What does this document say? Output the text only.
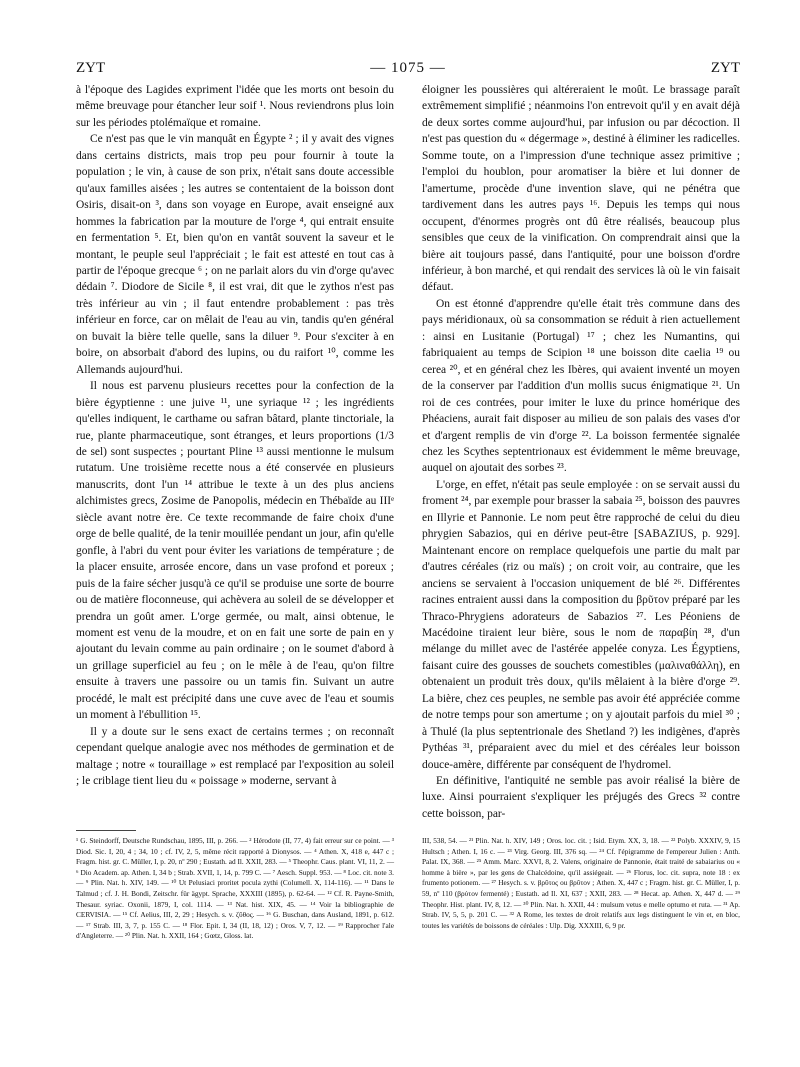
ZYT	— 1075 —	ZYT

à l'époque des Lagides expriment l'idée que les morts ont besoin du même breuvage pour étancher leur soif ¹. Nous reviendrons plus loin sur les périodes ptolémaïque et romaine.

Ce n'est pas que le vin manquât en Égypte ² ; il y avait des vignes dans certains districts, mais trop peu pour fournir à toute la population ; le vin, à cause de son prix, n'était sans doute accessible qu'aux familles aisées ; les autres se contentaient de la boisson dont Osiris, disait-on ³, dans son voyage en Europe, avait enseigné aux hommes la fabrication par la mouture de l'orge ⁴, qui entrait ensuite en fermentation ⁵. Et, bien qu'on en vantât souvent la saveur et le montant, le peuple seul l'appréciait ; le fait est attesté en tout cas à partir de l'époque grecque ⁶ ; on ne parlait alors du vin d'orge qu'avec dédain ⁷. Diodore de Sicile ⁸, il est vrai, dit que le zythos n'est pas très inférieur au vin ; il faut entendre probablement : pas très inférieur en force, car on mêlait de l'eau au vin, tandis qu'en général on buvait la bière telle quelle, sans la diluer ⁹. Pour s'exciter à en boire, on absorbait d'abord des lupins, ou du raifort ¹⁰, comme les Allemands aujourd'hui.

Il nous est parvenu plusieurs recettes pour la confection de la bière égyptienne : une juive ¹¹, une syriaque ¹² ; les ingrédients qu'elles indiquent, le carthame ou safran bâtard, plante tinctoriale, la rue, plante pharmaceutique, sont étranges, et leurs proportions (1/3 de sel) sont suspectes ; pourtant Pline ¹³ aussi mentionne le mulsum rutatum. Une troisième recette nous a été conservée en plusieurs manuscrits, dont l'un ¹⁴ attribue le texte à un des plus anciens alchimistes grecs, Zosime de Panopolis, médecin en Thébaïde au IIIᵉ siècle avant notre ère. Ce texte recommande de faire choix d'une orge de belle qualité, de la tenir mouillée pendant un jour, afin qu'elle gonfle, à l'abri du vent pour éviter les variations de température ; de la placer ensuite, arrosée encore, dans un vase profond et poreux ; puis de la faire sécher jusqu'à ce qu'il se produise une sorte de bourre ou de matière floconneuse, qui achèvera au soleil de se développer et prendra un goût amer. L'orge germée, ou malt, ainsi obtenue, le moment est venu de la moudre, et on en fait une sorte de pain en y ajoutant du levain comme au pain ordinaire ; on le soumet d'abord à un grillage superficiel au feu ; on le mêle à de l'eau, qu'on filtre ensuite à travers une passoire ou un tamis fin. Suivant un autre procédé, le malt est précipité dans une cuve avec de l'eau et soumis un moment à l'ébullition ¹⁵.

Il y a doute sur le sens exact de certains termes ; on reconnaît cependant quelque analogie avec nos méthodes de germination et de maltage ; notre « touraillage » est remplacé par l'exposition au soleil ; le criblage tient lieu du « poissage » moderne, servant à

éloigner les poussières qui altéreraient le moût. Le brassage paraît extrêmement simplifié ; néanmoins l'on entrevoit qu'il y en avait déjà de deux sortes comme aujourd'hui, par infusion ou par décoction. Il n'est pas question du « dégermage », destiné à éliminer les radicelles. Somme toute, on a l'impression d'une technique assez primitive ; l'emploi du houblon, pour aromatiser la bière et lui donner de l'amertume, procède d'une invention slave, qui ne pénétra que tardivement dans les autres pays ¹⁶. Depuis les temps qui nous occupent, d'énormes progrès ont dû être réalisés, beaucoup plus sensibles que ceux de la vinification. On comprendrait ainsi que la bière ait toujours passé, dans l'antiquité, pour une boisson d'ordre inférieur, à bon marché, et qui rendait des services là où le vin faisait défaut.

On est étonné d'apprendre qu'elle était très commune dans des pays méridionaux, où sa consommation se réduit à rien actuellement : ainsi en Lusitanie (Portugal) ¹⁷ ; chez les Numantins, qui fabriquaient au temps de Scipion ¹⁸ une boisson dite caelia ¹⁹ ou cerea ²⁰, et en général chez les Ibères, qui avaient inventé un moyen de la conserver par l'addition d'un mollis sucus énigmatique ²¹. Un roi de ces contrées, pour imiter le luxe du prince homérique des Phéaciens, aurait fait disposer au milieu de son palais des vases d'or et d'argent remplis de vin d'orge ²². La boisson fermentée signalée chez les Scythes septentrionaux est évidemment le même breuvage, auquel on ajoutait des sorbes ²³.

L'orge, en effet, n'était pas seule employée : on se servait aussi du froment ²⁴, par exemple pour brasser la sabaia ²⁵, boisson des pauvres en Illyrie et Pannonie. Le nom peut être rapproché de celui du dieu phrygien Sabazios, qui en dérive peut-être [SABAZIUS, p. 929]. Maintenant encore on remplace quelquefois une partie du malt par d'autres céréales (riz ou maïs) ; on croit voir, au contraire, que les anciens se servaient à l'occasion uniquement de blé ²⁶. Différentes racines entraient aussi dans la composition du βρῦτον préparé par les Thraco-Phrygiens adorateurs de Sabazios ²⁷. Les Péoniens de Macédoine tiraient leur bière, sous le nom de παραβίη ²⁸, d'un mélange du millet avec de l'astérée appelée conyza. Les Égyptiens, faisant cuire des gousses de souchets comestibles (μαλιναθάλλη), en obtenaient un produit très doux, qu'ils mêlaient à la bière d'orge ²⁹. La bière, chez ces peuples, ne semble pas avoir été appréciée comme de notre temps pour son amertume ; on y ajoutait parfois du miel ³⁰ ; à Thulé (la plus septentrionale des Shetland ?) les indigènes, d'après Pythéas ³¹, préparaient avec du miel et des céréales leur boisson douce-amère, différente par conséquent de l'hydromel.

En définitive, l'antiquité ne semble pas avoir réalisé la bière de luxe. Ainsi pourraient s'expliquer les préjugés des Grecs ³² contre cette boisson, par-

¹ G. Steindorff, Deutsche Rundschau, 1895, III, p. 266. — ² Hérodote (II, 77, 4) fait erreur sur ce point. — ³ Diod. Sic. I, 20, 4 ; 34, 10 ; cf. IV, 2, 5, même récit rapporté à Dionysos. — ⁴ Athen. X, 418 e, 447 c ; Fragm. hist. gr. C. Müller, I, p. 20, nº 290 ; Eustath. ad Il. XXII, 283. — ⁵ Theophr. Caus. plant. VI, 11, 2. — ⁶ Dio Academ. ap. Athen. I, 34 b ; Strab. XVII, 1, 14, p. 799 C. — ⁷ Aesch. Suppl. 953. — ⁸ Loc. cit. note 3. — ⁹ Plin. Nat. h. XIV, 149. — ¹⁰ Ut Pelusiaci proritet pocula zythi (Columell. X, 114-116). — ¹¹ Dans le Talmud ; cf. J. H. Bondi, Zeitschr. für ägypt. Sprache, XXXIII (1895), p. 62-64. — ¹² Cf. R. Payne-Smith, Thesaur. syriac. Oxonii, 1879, I, col. 1114. — ¹³ Nat. hist. XIX, 45. — ¹⁴ Voir la bibliographie de CERVISIA. — ¹⁵ Cf. Aelius, III, 2, 29 ; Hesych. s. v. ζῦθος. — ¹⁶ G. Buschan, dans Ausland, 1891, p. 612. — ¹⁷ Strab. III, 3, 7, p. 155 C. — ¹⁸ Flor. Epit. I, 34 (II, 18, 12) ; Oros. V, 7, 12. — ¹⁹ Rapprocher l'ale d'Angleterre. — ²⁰ Plin. Nat. h. XXII, 164 ; Gœtz, Gloss. lat.

III, 538, 54. — ²¹ Plin. Nat. h. XIV, 149 ; Oros. loc. cit. ; Isid. Etym. XX, 3, 18. — ²² Polyb. XXXIV, 9, 15 Hultsch ; Athen. I, 16 c. — ²³ Virg. Georg. III, 376 sq. — ²⁴ Cf. l'épigramme de l'empereur Julien : Anth. Palat. IX, 368. — ²⁵ Amm. Marc. XXVI, 8, 2. Valens, originaire de Pannonie, était traité de sabaiarius ou « homme à bière », par les gens de Chalcédoine, qu'il assiégeait. — ²⁶ Florus, loc. cit. supra, note 18 : ex frumento potionem. — ²⁷ Hesych. s. v. βρῦτος ou βρῦτον ; Athen. X, 447 c ; Fragm. hist. gr. C. Müller, I, p. 59, nº 110 (βρύτον fermenté) ; Eustath. ad Il. XI, 637 ; XXII, 283. — ²⁸ Hecat. ap. Athen. X, 447 d. — ²⁹ Theophr. Hist. plant. IV, 8, 12. — ³⁰ Plin. Nat. h. XXII, 44 : mulsum vetus e melle optumo et ruta. — ³¹ Ap. Strab. IV, 5, 5, p. 201 C. — ³² A Rome, les textes de droit relatifs aux legs distinguent le vin et, en bloc, toutes les variétés de boissons de céréales : Ulp. Dig. XXXIII, 6, 9 pr.
